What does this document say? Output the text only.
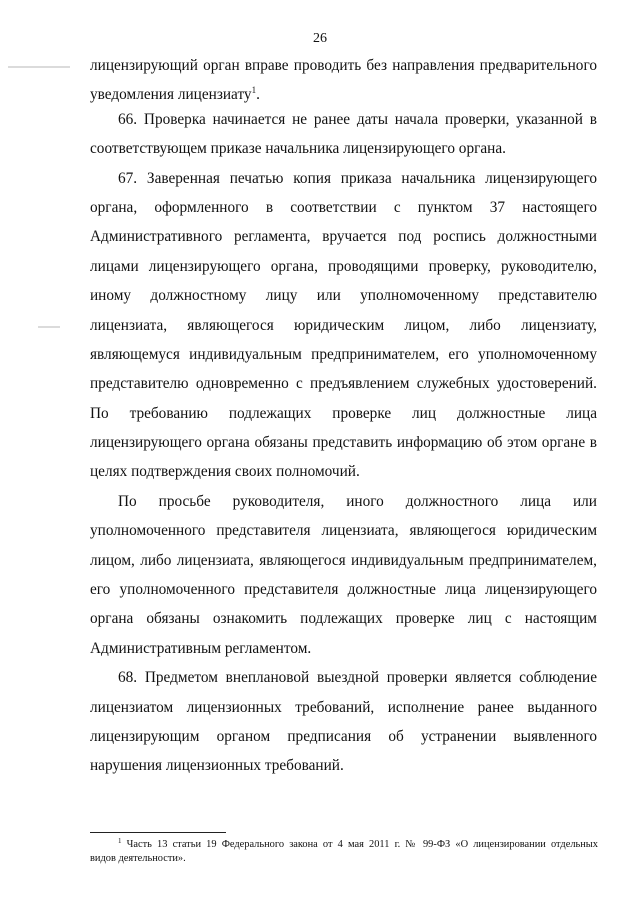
26
лицензирующий орган вправе проводить без направления предварительного
уведомления лицензиату$^1$.
66. Проверка начинается не ранее даты начала проверки, указанной в
соответствующем приказе начальника лицензирующего органа.
67. Заверенная печатью копия приказа начальника лицензирующего
органа, оформленного в соответствии с пунктом 37 настоящего
Административного регламента, вручается под роспись должностными
лицами лицензирующего органа, проводящими проверку, руководителю,
иному должностному лицу или уполномоченному представителю
лицензиата, являющегося юридическим лицом, либо лицензиату,
являющемуся индивидуальным предпринимателем, его уполномоченному
представителю одновременно с предъявлением служебных удостоверений.
По требованию подлежащих проверке лиц должностные лица
лицензирующего органа обязаны представить информацию об этом органе в
целях подтверждения своих полномочий.
По просьбе руководителя, иного должностного лица или
уполномоченного представителя лицензиата, являющегося юридическим
лицом, либо лицензиата, являющегося индивидуальным предпринимателем,
его уполномоченного представителя должностные лица лицензирующего
органа обязаны ознакомить подлежащих проверке лиц с настоящим
Административным регламентом.
68. Предметом внеплановой выездной проверки является соблюдение
лицензиатом лицензионных требований, исполнение ранее выданного
лицензирующим органом предписания об устранении выявленного
нарушения лицензионных требований.
$^1$ Часть 13 статьи 19 Федерального закона от 4 мая 2011 г. № 99-ФЗ «О лицензировании отдельных
видов деятельности».
